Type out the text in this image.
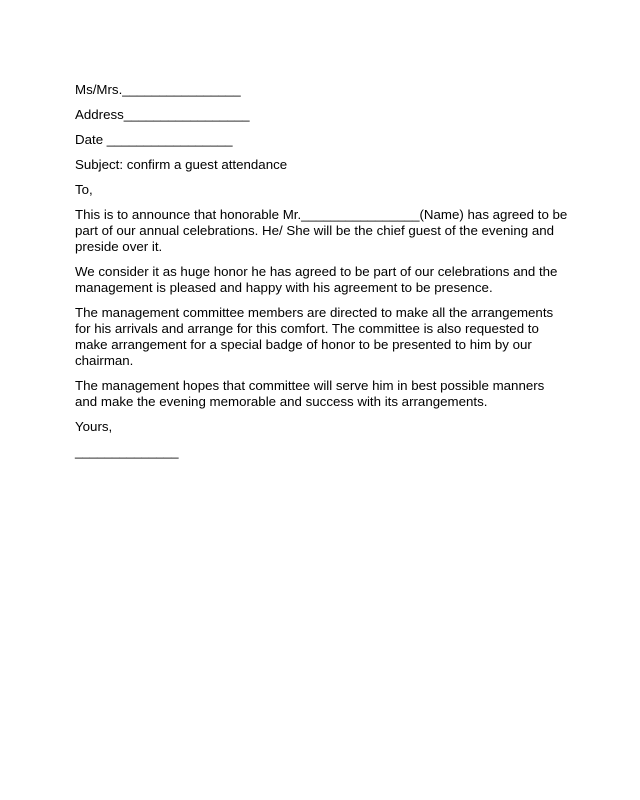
Ms/Mrs.________________
Address_________________
Date _________________
Subject: confirm a guest attendance
To,
This is to announce that honorable Mr.________________(Name) has agreed to be part of our annual celebrations. He/ She will be the chief guest of the evening and preside over it.
We consider it as huge honor he has agreed to be part of our celebrations and the management is pleased and happy with his agreement to be presence.
The management committee members are directed to make all the arrangements for his arrivals and arrange for this comfort. The committee is also requested to make arrangement for a special badge of honor to be presented to him by our chairman.
The management hopes that committee will serve him in best possible manners and make the evening memorable and success with its arrangements.
Yours,
______________
